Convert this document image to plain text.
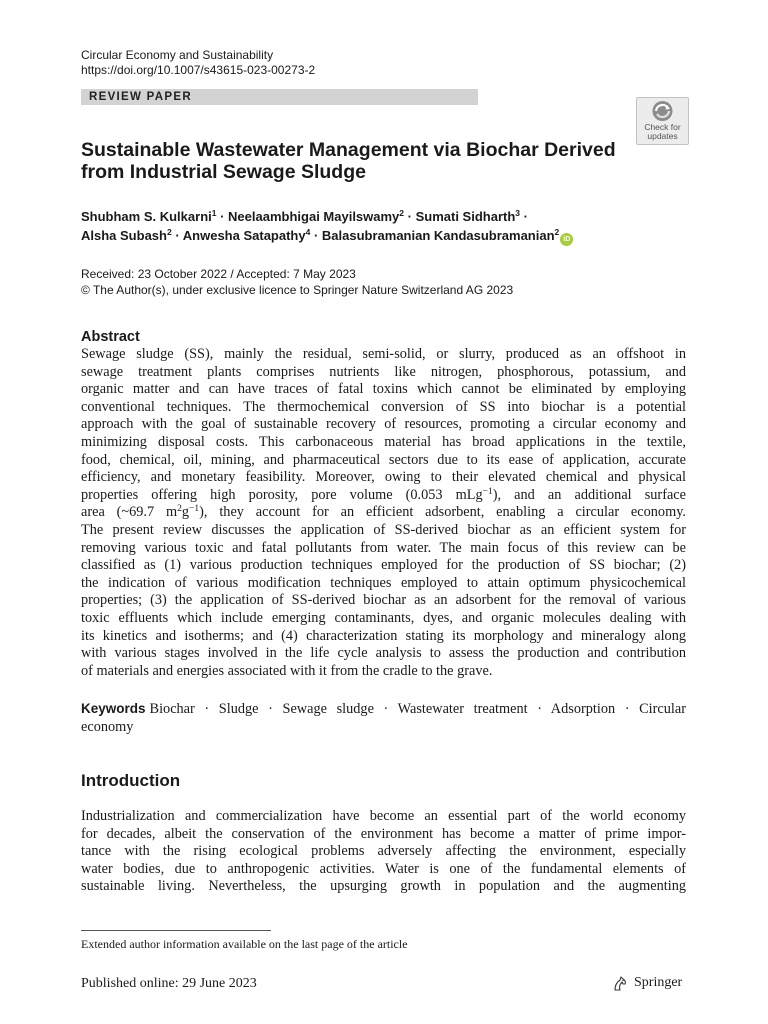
Circular Economy and Sustainability
https://doi.org/10.1007/s43615-023-00273-2
REVIEW PAPER
Check for updates
Sustainable Wastewater Management via Biochar Derived
from Industrial Sewage Sludge
Shubham S. Kulkarni$^1$ · Neelaambhigai Mayilswamy$^2$ · Sumati Sidharth$^3$ ·
Alsha Subash$^2$ · Anwesha Satapathy$^4$ · Balasubramanian Kandasubramanian$^2$iD
Received: 23 October 2022 / Accepted: 7 May 2023
© The Author(s), under exclusive licence to Springer Nature Switzerland AG 2023
Abstract
Sewage sludge (SS), mainly the residual, semi-solid, or slurry, produced as an offshoot in
sewage treatment plants comprises nutrients like nitrogen, phosphorous, potassium, and
organic matter and can have traces of fatal toxins which cannot be eliminated by employing
conventional techniques. The thermochemical conversion of SS into biochar is a potential
approach with the goal of sustainable recovery of resources, promoting a circular economy and
minimizing disposal costs. This carbonaceous material has broad applications in the textile,
food, chemical, oil, mining, and pharmaceutical sectors due to its ease of application, accurate
efficiency, and monetary feasibility. Moreover, owing to their elevated chemical and physical
properties offering high porosity, pore volume (0.053 mLg$^{-1}$), and an additional surface
area (~69.7 $m^2g^{-1}$), they account for an efficient adsorbent, enabling a circular economy.
The present review discusses the application of SS-derived biochar as an efficient system for
removing various toxic and fatal pollutants from water. The main focus of this review can be
classified as (1) various production techniques employed for the production of SS biochar; (2)
the indication of various modification techniques employed to attain optimum physicochemical
properties; (3) the application of SS-derived biochar as an adsorbent for the removal of various
toxic effluents which include emerging contaminants, dyes, and organic molecules dealing with
its kinetics and isotherms; and (4) characterization stating its morphology and mineralogy along
with various stages involved in the life cycle analysis to assess the production and contribution
of materials and energies associated with it from the cradle to the grave.
Keywords Biochar · Sludge · Sewage sludge · Wastewater treatment · Adsorption · Circular
economy
Introduction
Industrialization and commercialization have become an essential part of the world economy
for decades, albeit the conservation of the environment has become a matter of prime impor-
tance with the rising ecological problems adversely affecting the environment, especially
water bodies, due to anthropogenic activities. Water is one of the fundamental elements of
sustainable living. Nevertheless, the upsurging growth in population and the augmenting
Extended author information available on the last page of the article
Published online: 29 June 2023	Springer
